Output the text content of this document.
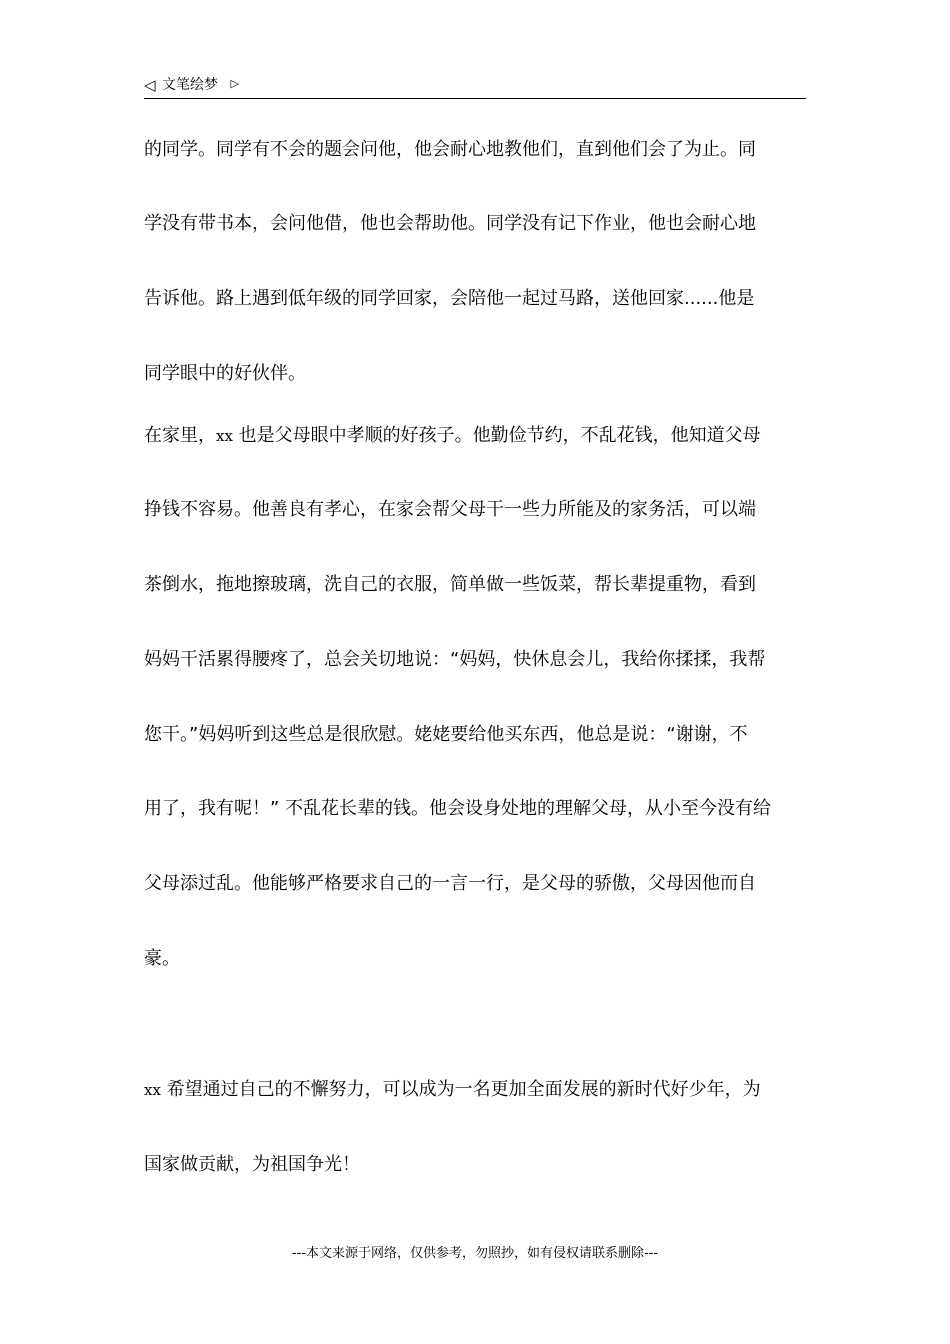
◁ 文笔绘梦 ▷
的同学。同学有不会的题会问他，他会耐心地教他们，直到他们会了为止。同
学没有带书本，会问他借，他也会帮助他。同学没有记下作业，他也会耐心地
告诉他。路上遇到低年级的同学回家，会陪他一起过马路，送他回家......他是
同学眼中的好伙伴。
在家里，xx 也是父母眼中孝顺的好孩子。他勤俭节约，不乱花钱，他知道父母
挣钱不容易。他善良有孝心，在家会帮父母干一些力所能及的家务活，可以端
茶倒水，拖地擦玻璃，洗自己的衣服，简单做一些饭菜，帮长辈提重物，看到
妈妈干活累得腰疼了，总会关切地说：“妈妈，快休息会儿，我给你揉揉，我帮
您干。”妈妈听到这些总是很欣慰。姥姥要给他买东西，他总是说：“谢谢，不
用了，我有呢！” 不乱花长辈的钱。他会设身处地的理解父母，从小至今没有给
父母添过乱。他能够严格要求自己的一言一行，是父母的骄傲，父母因他而自
豪。
xx 希望通过自己的不懈努力，可以成为一名更加全面发展的新时代好少年，为
国家做贡献，为祖国争光！
---本文来源于网络，仅供参考，勿照抄，如有侵权请联系删除---
